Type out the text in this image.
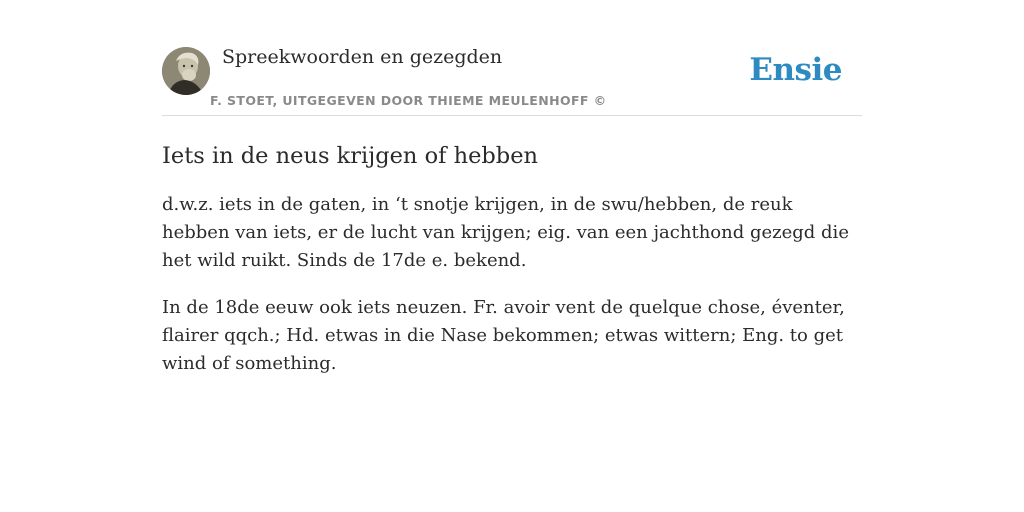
Spreekwoorden en gezegden
F. STOET, UITGEGEVEN DOOR THIEME MEULENHOFF ©
Ensie
Iets in de neus krijgen of hebben

d.w.z. iets in de gaten, in ‘t snotje krijgen, in de swu/hebben, de reuk hebben van iets, er de lucht van krijgen; eig. van een jachthond gezegd die het wild ruikt. Sinds de 17de e. bekend.

In de 18de eeuw ook iets neuzen. Fr. avoir vent de quelque chose, éventer, flairer qqch.; Hd. etwas in die Nase bekommen; etwas wittern; Eng. to get wind of something.
